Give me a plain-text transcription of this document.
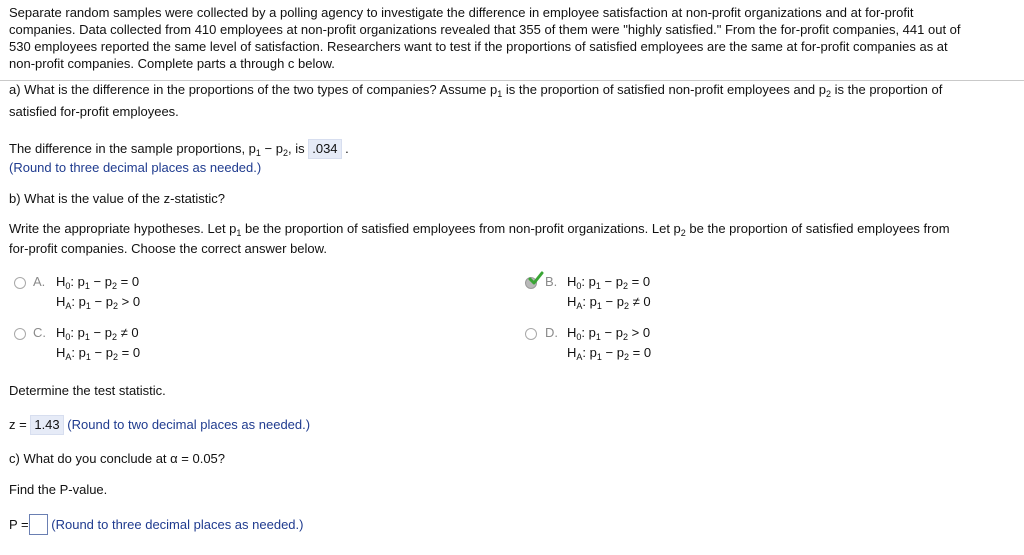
Separate random samples were collected by a polling agency to investigate the difference in employee satisfaction at non-profit organizations and at for-profit
companies. Data collected from 410 employees at non-profit organizations revealed that 355 of them were "highly satisfied." From the for-profit companies, 441 out of
530 employees reported the same level of satisfaction. Researchers want to test if the proportions of satisfied employees are the same at for-profit companies as at
non-profit companies. Complete parts a through c below.
a) What is the difference in the proportions of the two types of companies? Assume $p_1$ is the proportion of satisfied non-profit employees and $p_2$ is the proportion of
satisfied for-profit employees.
The difference in the sample proportions, $p_1 - p_2$, is .034 .
(Round to three decimal places as needed.)
b) What is the value of the z-statistic?
Write the appropriate hypotheses. Let $p_1$ be the proportion of satisfied employees from non-profit organizations. Let $p_2$ be the proportion of satisfied employees from
for-profit companies. Choose the correct answer below.
A. $H_0$: $p_1 - p_2 = 0$
$H_A$: $p_1 - p_2 > 0$
B. $H_0$: $p_1 - p_2 = 0$
$H_A$: $p_1 - p_2 \ne 0$
C. $H_0$: $p_1 - p_2 \ne 0$
$H_A$: $p_1 - p_2 = 0$
D. $H_0$: $p_1 - p_2 > 0$
$H_A$: $p_1 - p_2 = 0$
Determine the test statistic.
z = 1.43 (Round to two decimal places as needed.)
c) What do you conclude at α = 0.05?
Find the P-value.
P = (Round to three decimal places as needed.)
